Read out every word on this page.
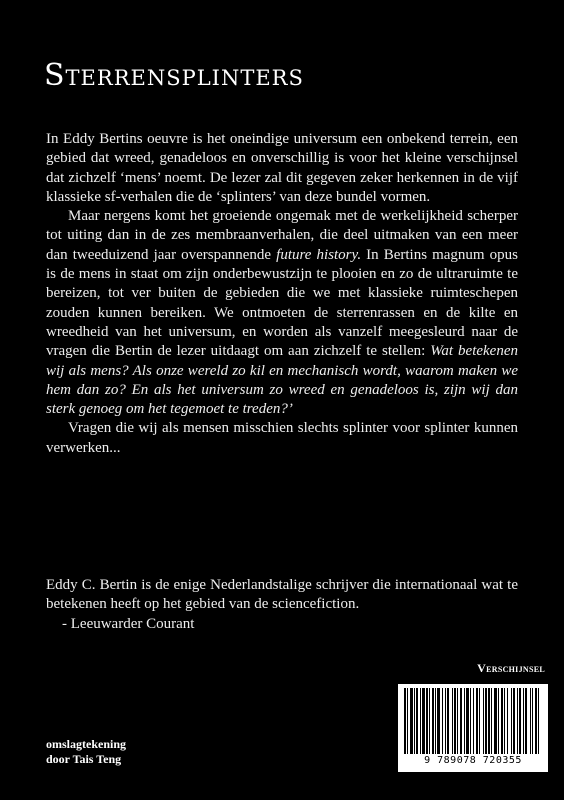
Sterrensplinters

In Eddy Bertins oeuvre is het oneindige universum een onbekend terrein, een gebied dat wreed, genadeloos en onverschillig is voor het kleine verschijnsel dat zichzelf ‘mens’ noemt. De lezer zal dit gegeven zeker herkennen in de vijf klassieke sf-verhalen die de ‘splinters’ van deze bundel vormen.

Maar nergens komt het groeiende ongemak met de werkelijkheid scherper tot uiting dan in de zes membraanverhalen, die deel uitmaken van een meer dan tweeduizend jaar overspannende future history. In Bertins magnum opus is de mens in staat om zijn onderbewustzijn te plooien en zo de ultraruimte te bereizen, tot ver buiten de gebieden die we met klassieke ruimteschepen zouden kunnen bereiken. We ontmoeten de sterrenrassen en de kilte en wreedheid van het universum, en worden als vanzelf meegesleurd naar de vragen die Bertin de lezer uitdaagt om aan zichzelf te stellen: Wat betekenen wij als mens? Als onze wereld zo kil en mechanisch wordt, waarom maken we hem dan zo? En als het universum zo wreed en genadeloos is, zijn wij dan sterk genoeg om het tegemoet te treden?’

Vragen die wij als mensen misschien slechts splinter voor splinter kunnen verwerken...

Eddy C. Bertin is de enige Nederlandstalige schrijver die internationaal wat te betekenen heeft op het gebied van de sciencefiction.

- Leeuwarder Courant

Verschijnsel
9 789078 720355
omslagtekening
door Tais Teng
